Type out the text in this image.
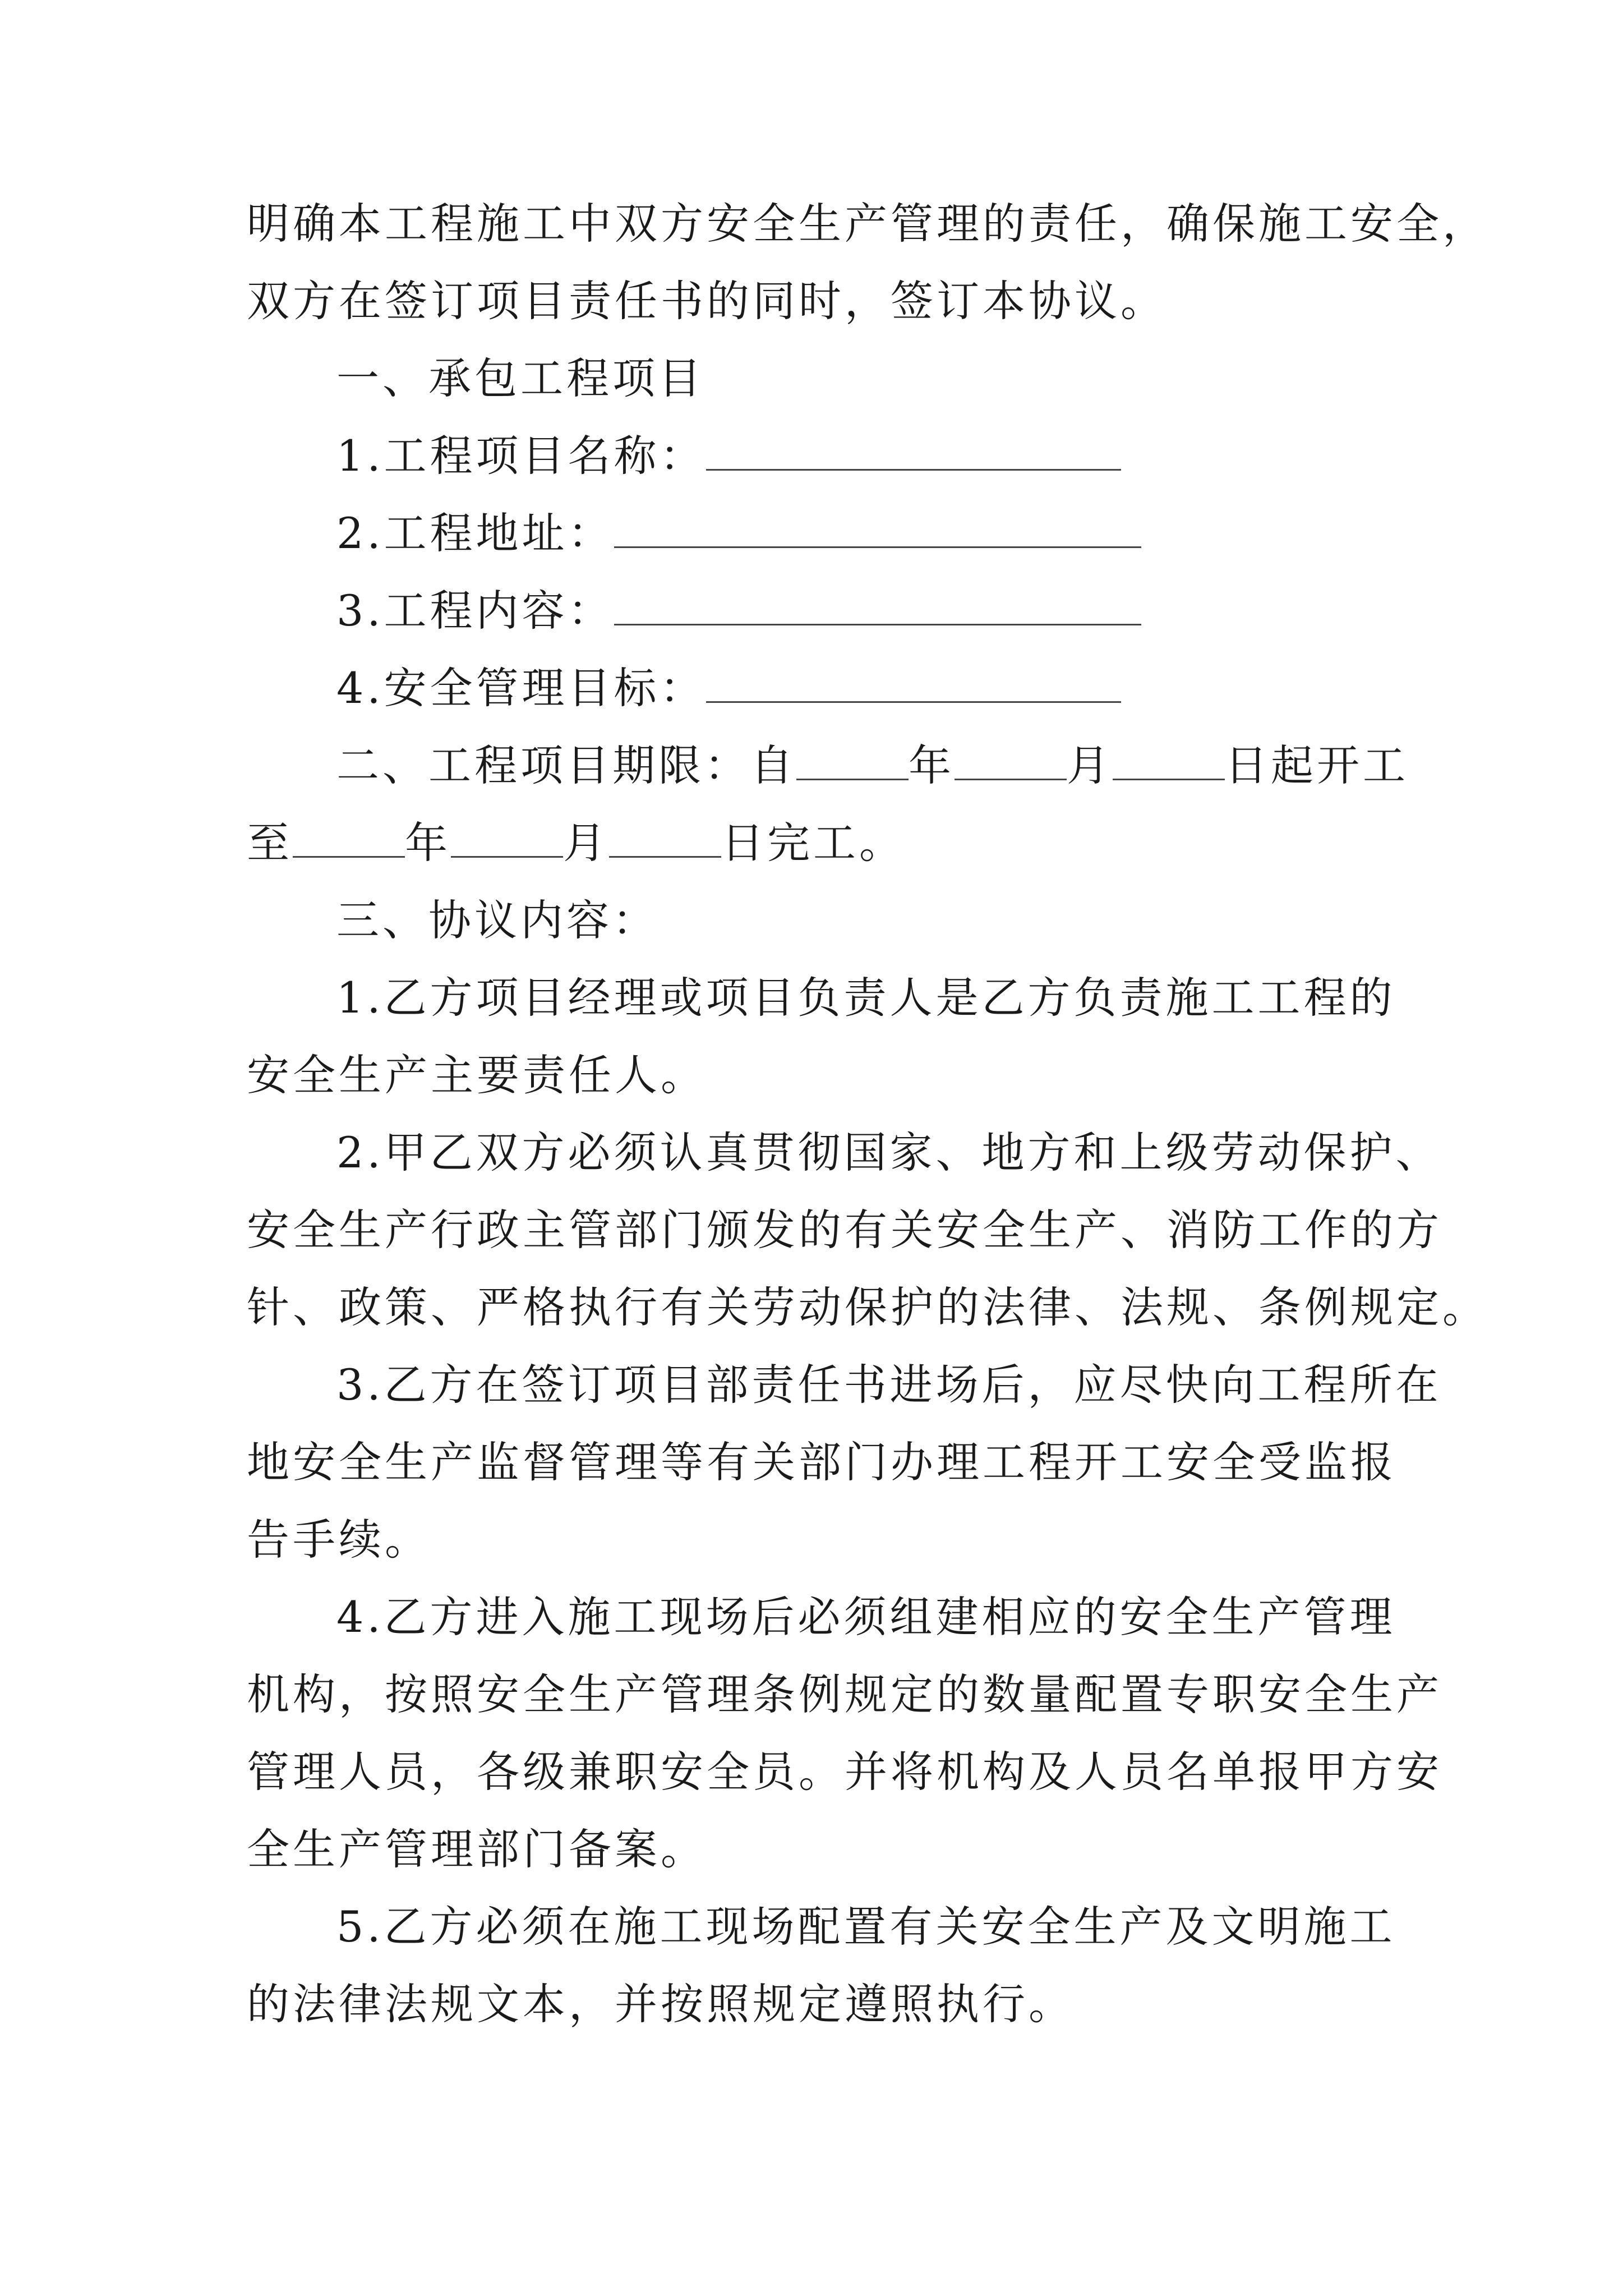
明确本工程施工中双方安全生产管理的责任，确保施工安全，
双方在签订项目责任书的同时，签订本协议。
一、承包工程项目
1.工程项目名称：
2.工程地址：
3.工程内容：
4.安全管理目标：
二、工程项目期限：自	年	月	日起开工
至	年	月	日完工。
三、协议内容：
1.乙方项目经理或项目负责人是乙方负责施工工程的
安全生产主要责任人。
2.甲乙双方必须认真贯彻国家、地方和上级劳动保护、
安全生产行政主管部门颁发的有关安全生产、消防工作的方
针、政策、严格执行有关劳动保护的法律、法规、条例规定。
3.乙方在签订项目部责任书进场后，应尽快向工程所在
地安全生产监督管理等有关部门办理工程开工安全受监报
告手续。
4.乙方进入施工现场后必须组建相应的安全生产管理
机构，按照安全生产管理条例规定的数量配置专职安全生产
管理人员，各级兼职安全员。并将机构及人员名单报甲方安
全生产管理部门备案。
5.乙方必须在施工现场配置有关安全生产及文明施工
的法律法规文本，并按照规定遵照执行。
